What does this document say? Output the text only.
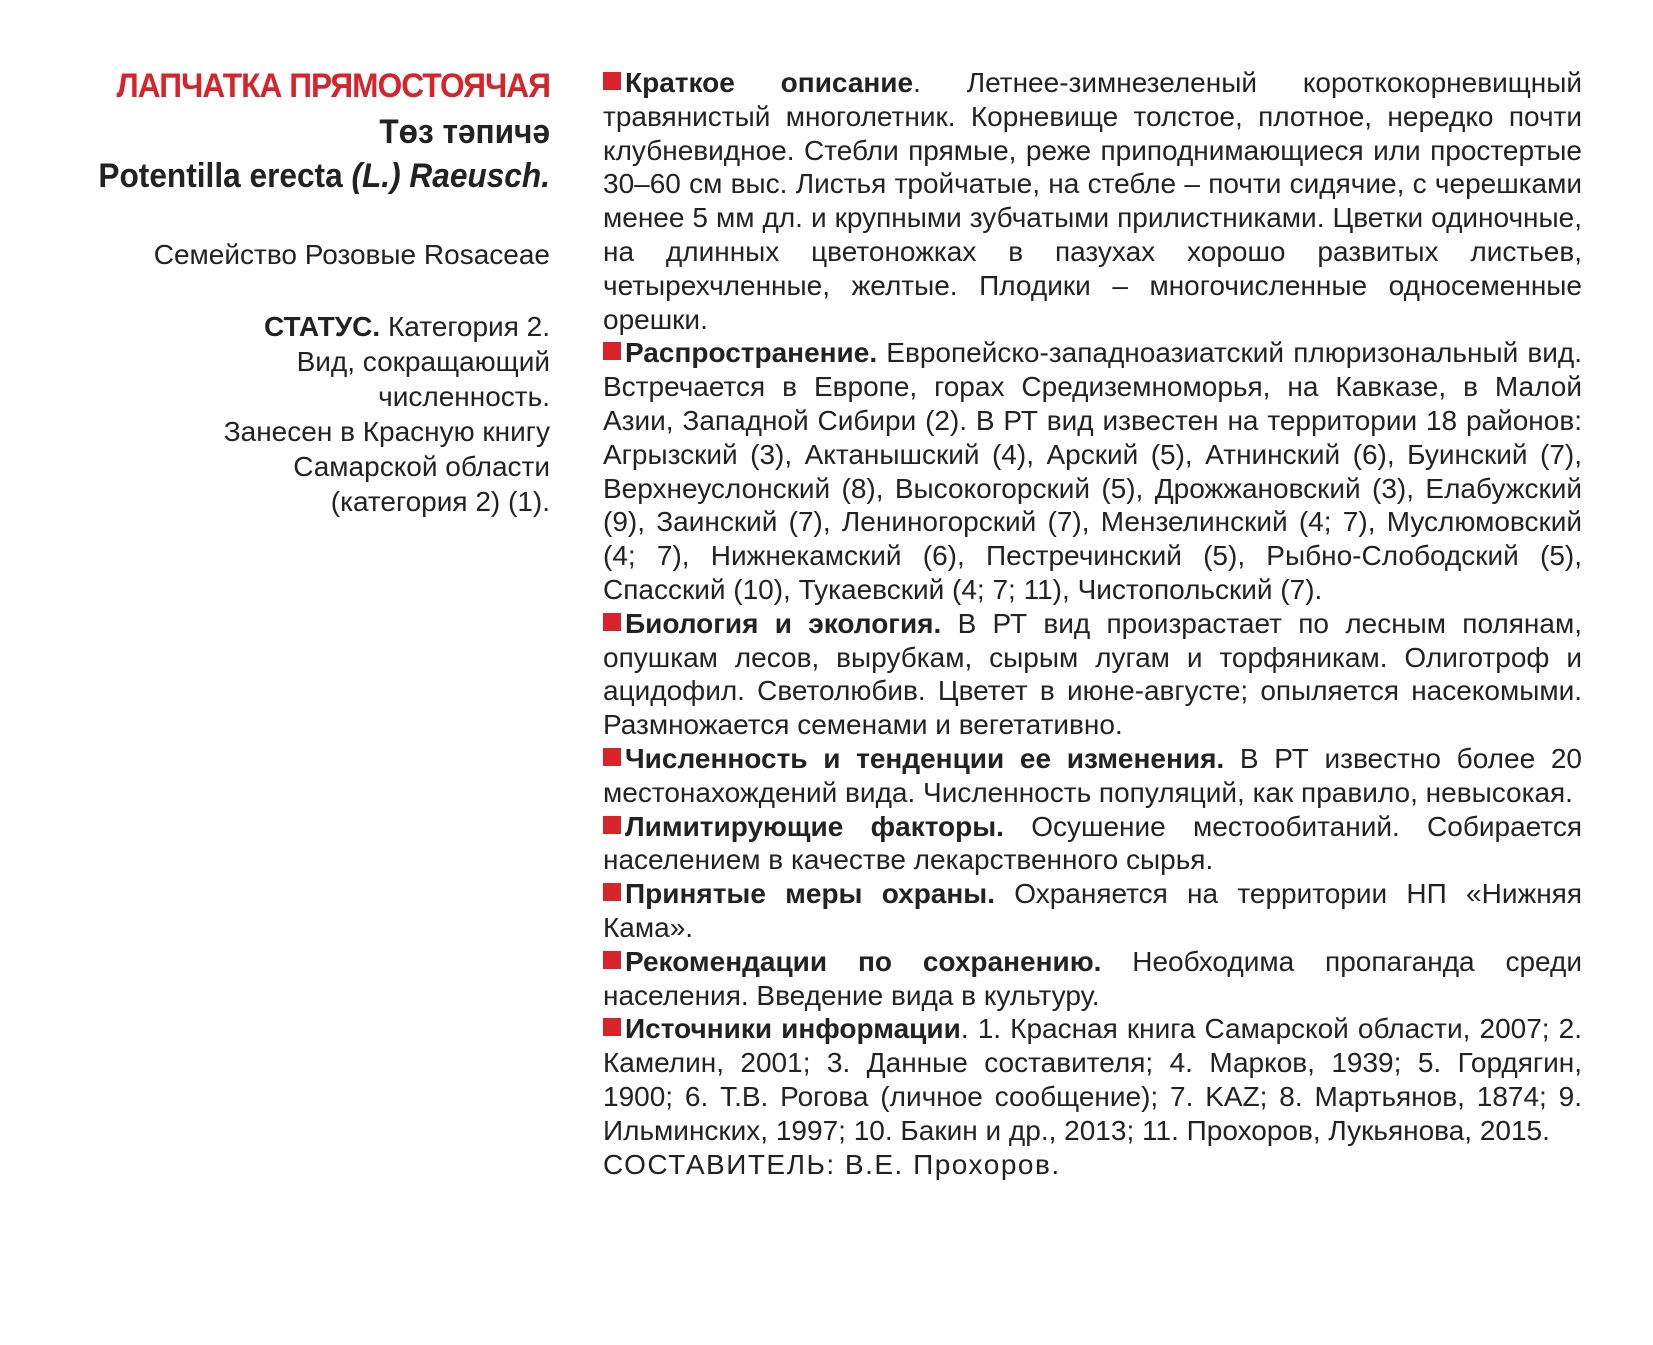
ЛАПЧАТКА ПРЯМОСТОЯЧАЯ
Төз тәпичә
Potentilla erecta (L.) Raeusch.
Семейство Розовые Rosaceae
СТАТУС. Категория 2.
Вид, сокращающий
численность.
Занесен в Красную книгу
Самарской области
(категория 2) (1).

Краткое описание. Летнее-зимнезеленый короткокорневищный травянистый многолетник. Корневище толстое, плотное, нередко почти клубневидное. Стебли прямые, реже приподнимающиеся или простертые 30–60 см выс. Листья тройчатые, на стебле – почти сидячие, с черешками менее 5 мм дл. и крупными зубчатыми прилистниками. Цветки одиночные, на длинных цветоножках в пазухах хорошо развитых листьев, четырехчленные, желтые. Плодики – многочисленные односеменные орешки.

Распространение. Европейско-западноазиатский плюризональный вид. Встречается в Европе, горах Средиземноморья, на Кавказе, в Малой Азии, Западной Сибири (2). В РТ вид известен на территории 18 районов: Агрызский (3), Актанышский (4), Арский (5), Атнинский (6), Буинский (7), Верхнеуслонский (8), Высокогорский (5), Дрожжановский (3), Елабужский (9), Заинский (7), Лениногорский (7), Мензелинский (4; 7), Муслюмовский (4; 7), Нижнекамский (6), Пестречинский (5), Рыбно-Слободский (5), Спасский (10), Тукаевский (4; 7; 11), Чистопольский (7).

Биология и экология. В РТ вид произрастает по лесным полянам, опушкам лесов, вырубкам, сырым лугам и торфяникам. Олиготроф и ацидофил. Светолюбив. Цветет в июне-августе; опыляется насекомыми. Размножается семенами и вегетативно.

Численность и тенденции ее изменения. В РТ известно более 20 местонахождений вида. Численность популяций, как правило, невысокая.

Лимитирующие факторы. Осушение местообитаний. Собирается населением в качестве лекарственного сырья.

Принятые меры охраны. Охраняется на территории НП «Нижняя Кама».

Рекомендации по сохранению. Необходима пропаганда среди населения. Введение вида в культуру.

Источники информации. 1. Красная книга Самарской области, 2007; 2. Камелин, 2001; 3. Данные составителя; 4. Марков, 1939; 5. Гордягин, 1900; 6. Т.В. Рогова (личное сообщение); 7. KAZ; 8. Мартьянов, 1874; 9. Ильминских, 1997; 10. Бакин и др., 2013; 11. Прохоров, Лукьянова, 2015.

СОСТАВИТЕЛЬ: В.Е. Прохоров.
